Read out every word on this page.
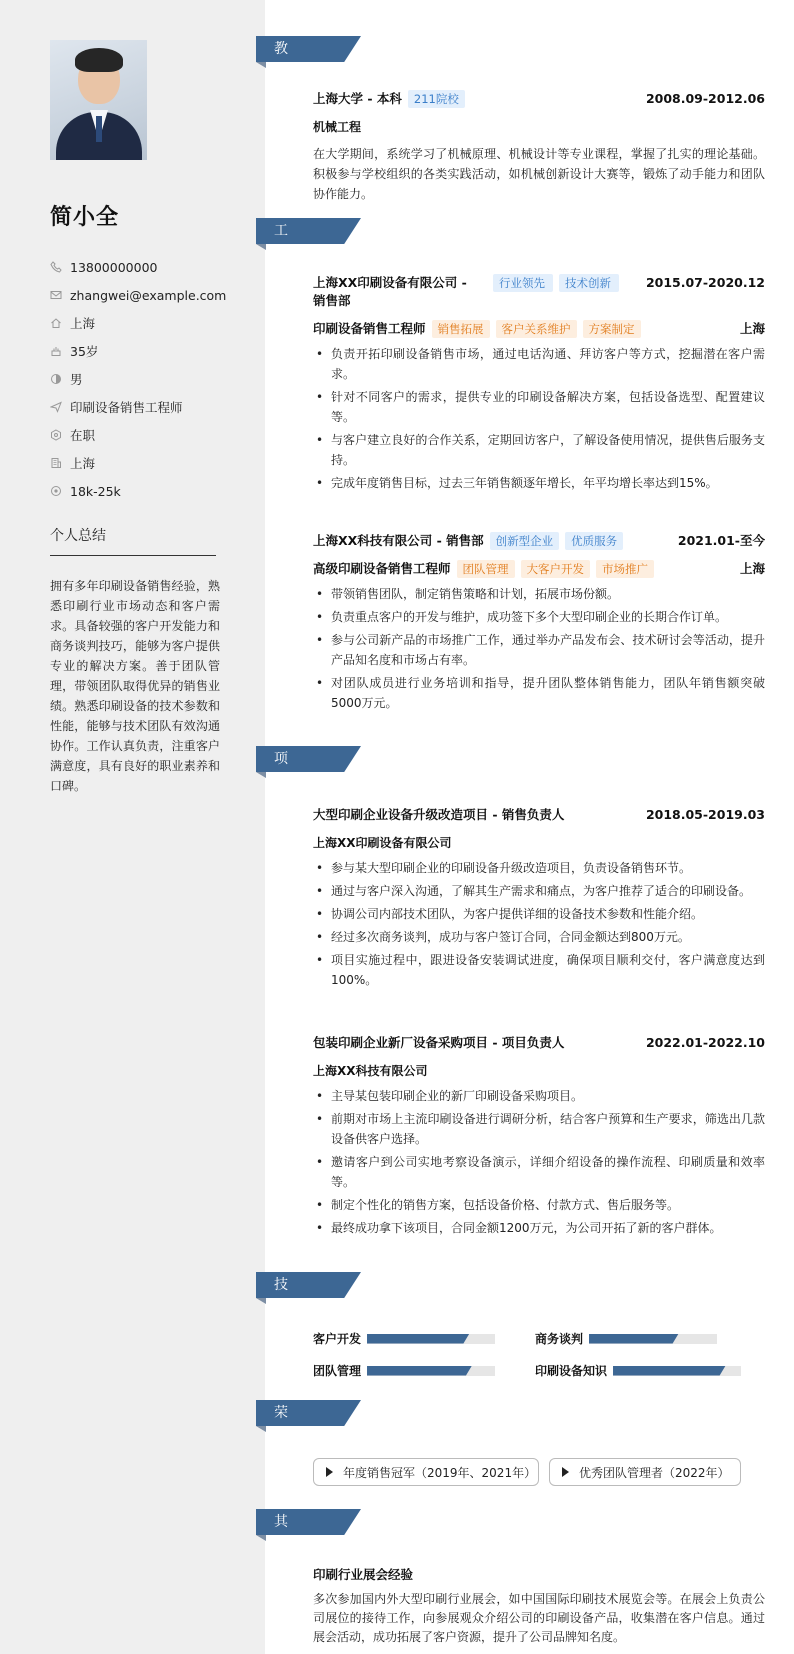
简小全
13800000000
zhangwei@example.com
上海
35岁
男
印刷设备销售工程师
在职
上海
18k-25k
个人总结
拥有多年印刷设备销售经验，熟悉印刷行业市场动态和客户需求。具备较强的客户开发能力和商务谈判技巧，能够为客户提供专业的解决方案。善于团队管理，带领团队取得优异的销售业绩。熟悉印刷设备的技术参数和性能，能够与技术团队有效沟通协作。工作认真负责，注重客户满意度，具有良好的职业素养和口碑。
教育经历
上海大学 - 本科 211院校	2008.09-2012.06
机械工程
在大学期间，系统学习了机械原理、机械设计等专业课程，掌握了扎实的理论基础。积极参与学校组织的各类实践活动，如机械创新设计大赛等，锻炼了动手能力和团队协作能力。
工作经历
上海XX印刷设备有限公司 - 销售部
行业领先	技术创新	2015.07-2020.12
印刷设备销售工程师 销售拓展 客户关系维护 方案制定	上海
• 负责开拓印刷设备销售市场，通过电话沟通、拜访客户等方式，挖掘潜在客户需求。
• 针对不同客户的需求，提供专业的印刷设备解决方案，包括设备选型、配置建议等。
• 与客户建立良好的合作关系，定期回访客户，了解设备使用情况，提供售后服务支持。
• 完成年度销售目标，过去三年销售额逐年增长，年平均增长率达到15%。
上海XX科技有限公司 - 销售部 创新型企业 优质服务	2021.01-至今
高级印刷设备销售工程师 团队管理 大客户开发 市场推广	上海
• 带领销售团队，制定销售策略和计划，拓展市场份额。
• 负责重点客户的开发与维护，成功签下多个大型印刷企业的长期合作订单。
• 参与公司新产品的市场推广工作，通过举办产品发布会、技术研讨会等活动，提升产品知名度和市场占有率。
• 对团队成员进行业务培训和指导，提升团队整体销售能力，团队年销售额突破5000万元。
项目经历
大型印刷企业设备升级改造项目 - 销售负责人	2018.05-2019.03
上海XX印刷设备有限公司
• 参与某大型印刷企业的印刷设备升级改造项目，负责设备销售环节。
• 通过与客户深入沟通，了解其生产需求和痛点，为客户推荐了适合的印刷设备。
• 协调公司内部技术团队，为客户提供详细的设备技术参数和性能介绍。
• 经过多次商务谈判，成功与客户签订合同，合同金额达到800万元。
• 项目实施过程中，跟进设备安装调试进度，确保项目顺利交付，客户满意度达到100%。
包装印刷企业新厂设备采购项目 - 项目负责人	2022.01-2022.10
上海XX科技有限公司
• 主导某包装印刷企业的新厂印刷设备采购项目。
• 前期对市场上主流印刷设备进行调研分析，结合客户预算和生产要求，筛选出几款设备供客户选择。
• 邀请客户到公司实地考察设备演示，详细介绍设备的操作流程、印刷质量和效率等。
• 制定个性化的销售方案，包括设备价格、付款方式、售后服务等。
• 最终成功拿下该项目，合同金额1200万元，为公司开拓了新的客户群体。
技能专长
客户开发	商务谈判
团队管理	印刷设备知识
荣誉奖项
年度销售冠军（2019年、2021年）	优秀团队管理者（2022年）
其他信息
印刷行业展会经验
多次参加国内外大型印刷行业展会，如中国国际印刷技术展览会等。在展会上负责公司展位的接待工作，向参展观众介绍公司的印刷设备产品，收集潜在客户信息。通过展会活动，成功拓展了客户资源，提升了公司品牌知名度。
